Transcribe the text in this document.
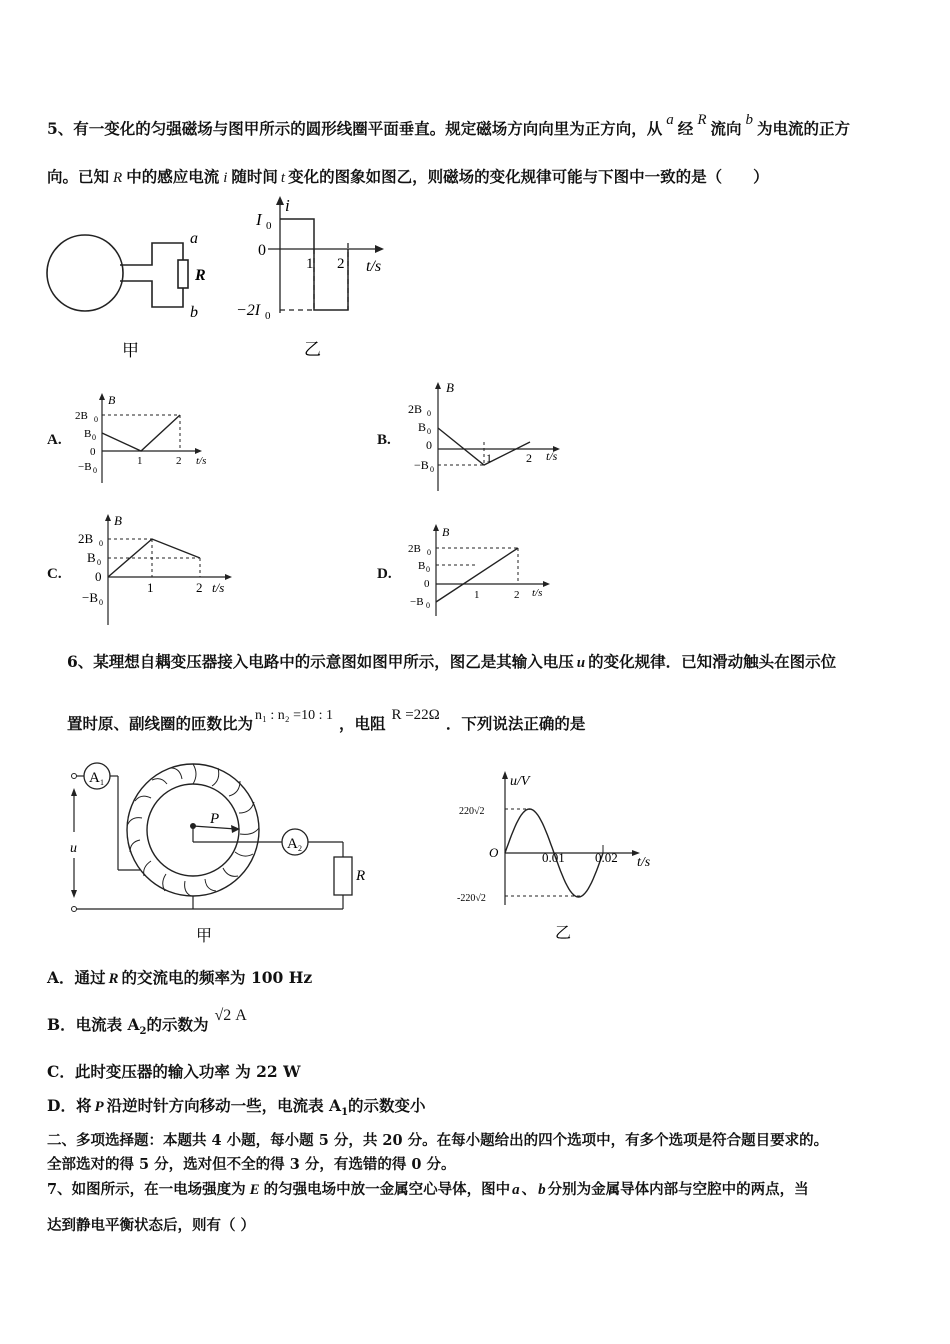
5、有一变化的匀强磁场与图甲所示的圆形线圈平面垂直。规定磁场方向向里为正方向，从 a 经 R 流向 b 为电流的正方
向。已知 R 中的感应电流 i 随时间 t 变化的图象如图乙，则磁场的变化规律可能与下图中一致的是（　　）
a
R
b
甲
i
I 0
0
1 2 t/s
−2I 0
乙
A.
B
2B 0
B 0
0
−B 0
1	2 t/s
B.
B
2B 0
B 0
0
−B 0
1	2 t/s
C.
B
2B 0
B 0
0
−B 0
1	2 t/s
D.
B
2B 0
B 0
0
−B 0
1	2 t/s
6、某理想自耦变压器接入电路中的示意图如图甲所示，图乙是其输入电压 u 的变化规律．已知滑动触头在图示位
置时原、副线圈的匝数比为 n₁ : n₂ =10 : 1 ，电阻 R =22Ω ．下列说法正确的是
A 1
P
A 2
R
u
甲
u/V
220√2
-220√2
O	0.01 0.02 t/s
乙
A．通过 R 的交流电的频率为 100 Hz
B．电流表 $A_2$的示数为 √2 A
C．此时变压器的输入功率 为 22 W
D．将 P 沿逆时针方向移动一些，电流表 $A_1$的示数变小
二、多项选择题：本题共 4 小题，每小题 5 分，共 20 分。在每小题给出的四个选项中，有多个选项是符合题目要求的。
全部选对的得 5 分，选对但不全的得 3 分，有选错的得 0 分。
7、如图所示，在一电场强度为 E 的匀强电场中放一金属空心导体，图中 a 、 b 分别为金属导体内部与空腔中的两点，当
达到静电平衡状态后，则有（ ）
